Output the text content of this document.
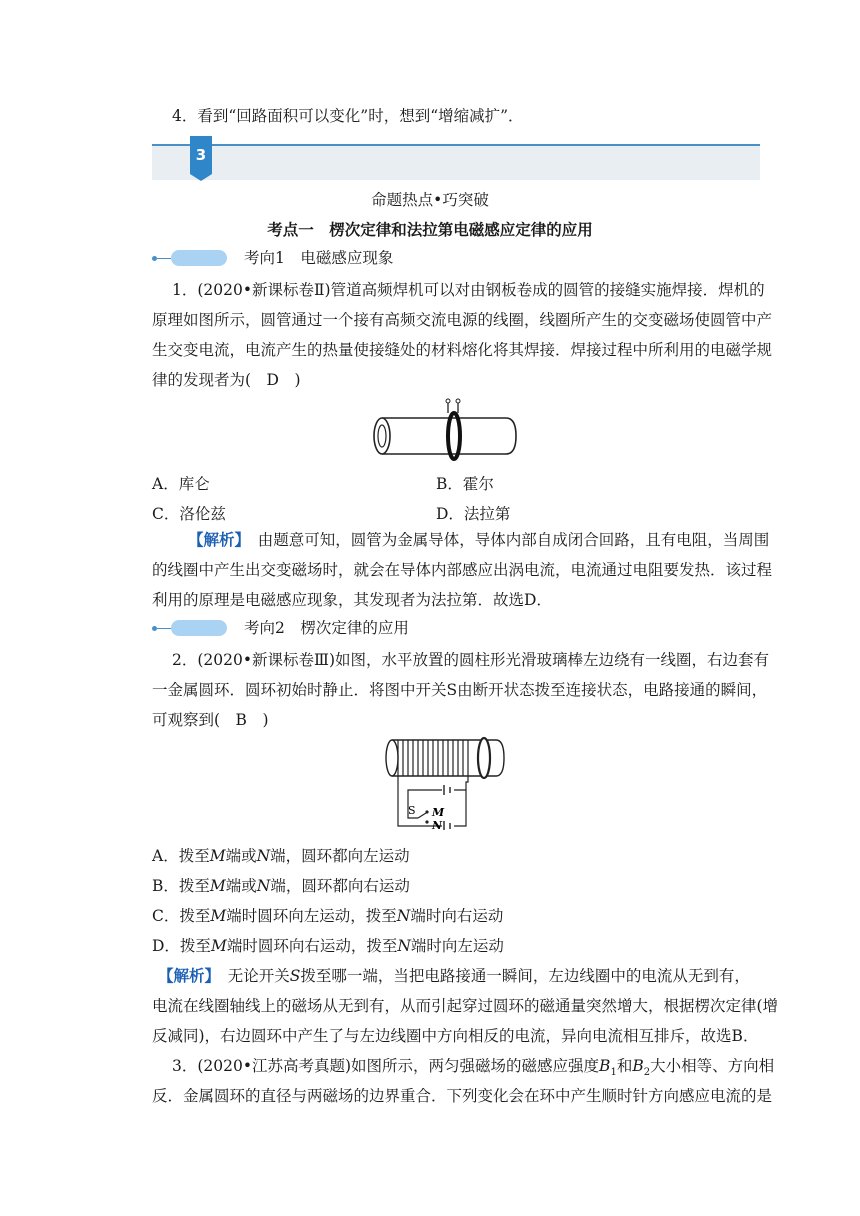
4．看到“回路面积可以变化”时，想到“增缩减扩”．
3
命题热点•巧突破
考点一　楞次定律和法拉第电磁感应定律的应用
考向1　电磁感应现象
1．(2020•新课标卷Ⅱ)管道高频焊机可以对由钢板卷成的圆管的接缝实施焊接．焊机的
原理如图所示，圆管通过一个接有高频交流电源的线圈，线圈所产生的交变磁场使圆管中产
生交变电流，电流产生的热量使接缝处的材料熔化将其焊接．焊接过程中所利用的电磁学规
律的发现者为(　D　)
A．库仑	B．霍尔
C．洛伦兹	D．法拉第
【解析】　由题意可知，圆管为金属导体，导体内部自成闭合回路，且有电阻，当周围
的线圈中产生出交变磁场时，就会在导体内部感应出涡电流，电流通过电阻要发热．该过程
利用的原理是电磁感应现象，其发现者为法拉第．故选D．
考向2　楞次定律的应用
2．(2020•新课标卷Ⅲ)如图，水平放置的圆柱形光滑玻璃棒左边绕有一线圈，右边套有
一金属圆环．圆环初始时静止．将图中开关S由断开状态拨至连接状态，电路接通的瞬间，
可观察到(　B　)
S M
N
A．拨至M端或N端，圆环都向左运动
B．拨至M端或N端，圆环都向右运动
C．拨至M端时圆环向左运动，拨至N端时向右运动
D．拨至M端时圆环向右运动，拨至N端时向左运动
【解析】　无论开关S拨至哪一端，当把电路接通一瞬间，左边线圈中的电流从无到有，
电流在线圈轴线上的磁场从无到有，从而引起穿过圆环的磁通量突然增大，根据楞次定律(增
反减同)，右边圆环中产生了与左边线圈中方向相反的电流，异向电流相互排斥，故选B．
3．(2020•江苏高考真题)如图所示，两匀强磁场的磁感应强度$B_1$和$B_2$大小相等、方向相
反．金属圆环的直径与两磁场的边界重合．下列变化会在环中产生顺时针方向感应电流的是
